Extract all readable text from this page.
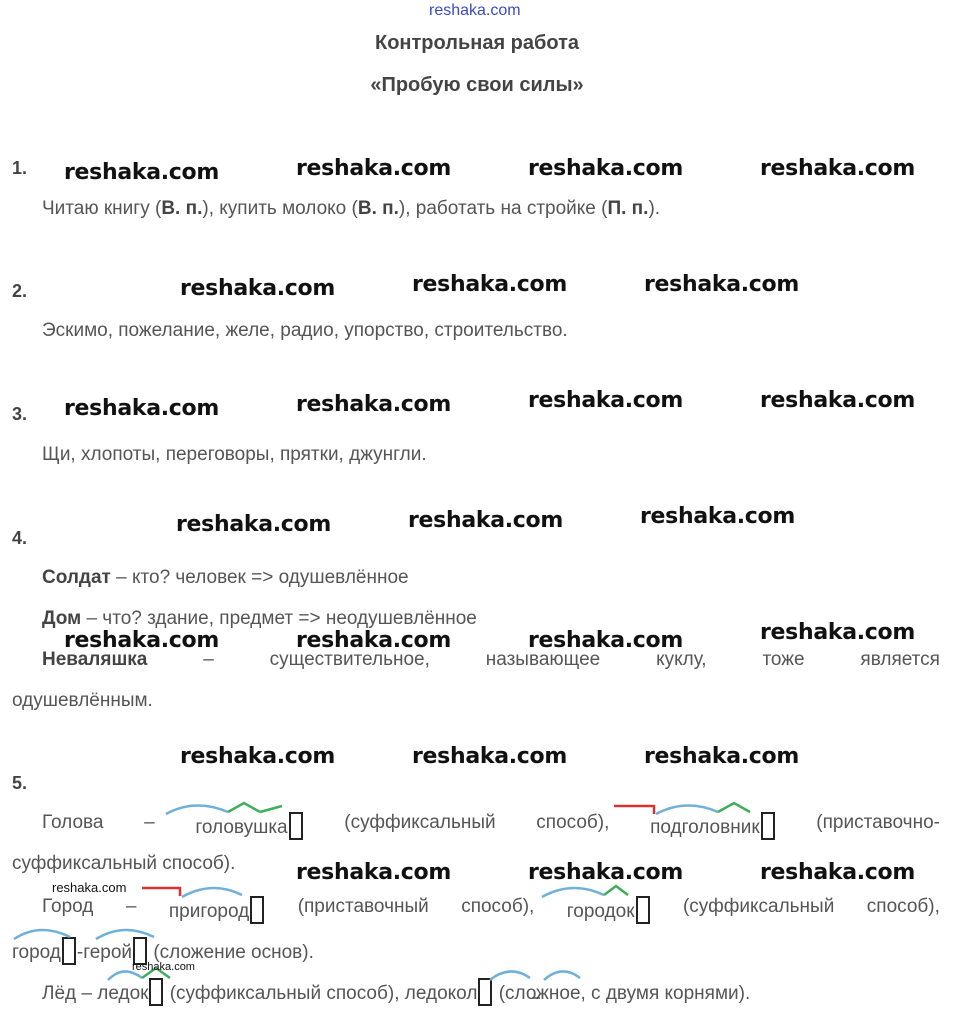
reshaka.com
Контрольная работа
«Пробую свои силы»
1.
Читаю книгу (В. п.), купить молоко (В. п.), работать на стройке (П. п.).
2.
Эскимо, пожелание, желе, радио, упорство, строительство.
3.
Щи, хлопоты, переговоры, прятки, джунгли.
4.
Солдат – кто? человек => одушевлённое
Дом – что? здание, предмет => неодушевлённое
Неваляшка	–	существительное,	называющее	куклу,	тоже	является
одушевлённым.
5.
Голова – головушка	(суффиксальный способ), подголовник	(приставочно-
суффиксальный способ).
Город – пригород	(приставочный способ), городок	(суффиксальный способ),
город -герой (сложение основ).
Лёд – ледок (суффиксальный способ), ледокол (сложное, с двумя корнями).
reshaka.com	reshaka.com	reshaka.com	reshaka.com
reshaka.com	reshaka.com	reshaka.com
reshaka.com	reshaka.com	reshaka.com	reshaka.com
reshaka.com	reshaka.com	reshaka.com
reshaka.com	reshaka.com	reshaka.com	reshaka.com
reshaka.com	reshaka.com	reshaka.com
reshaka.com	reshaka.com	reshaka.com
reshaka.com
reshaka.com
